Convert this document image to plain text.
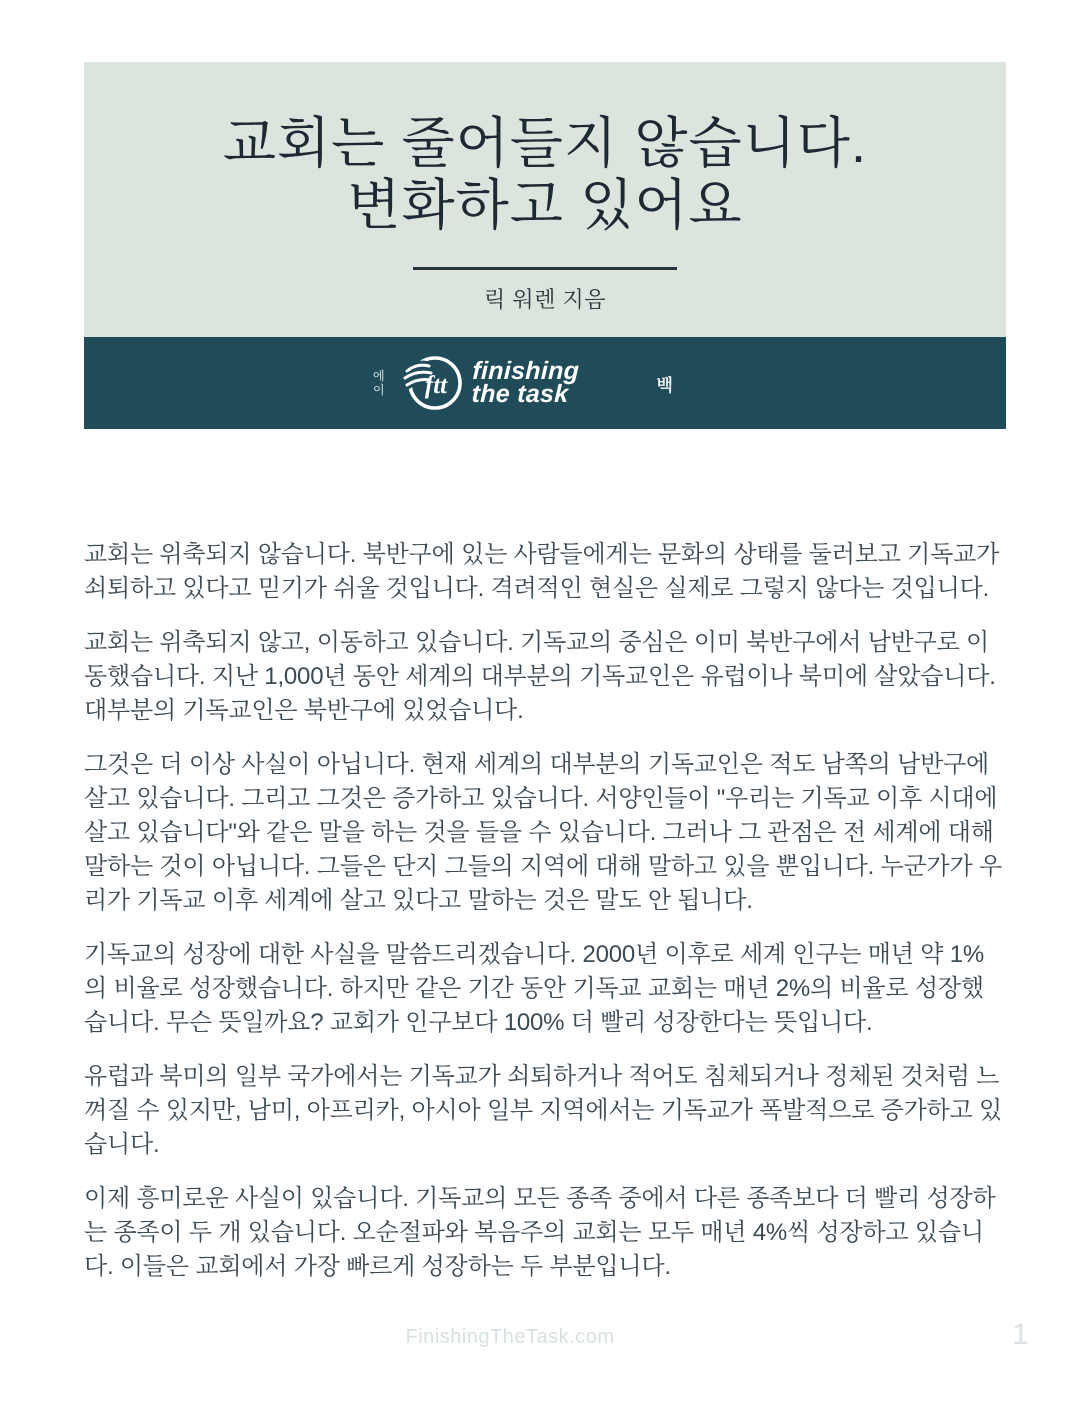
교회는 줄어들지 않습니다.
변화하고 있어요
릭 워렌 지음
에
이 ftt
finishing
the task	백

교회는 위축되지 않습니다. 북반구에 있는 사람들에게는 문화의 상태를 둘러보고 기독교가 쇠퇴하고 있다고 믿기가 쉬울 것입니다. 격려적인 현실은 실제로 그렇지 않다는 것입니다.

교회는 위축되지 않고, 이동하고 있습니다. 기독교의 중심은 이미 북반구에서 남반구로 이동했습니다. 지난 1,000년 동안 세계의 대부분의 기독교인은 유럽이나 북미에 살았습니다. 대부분의 기독교인은 북반구에 있었습니다.

그것은 더 이상 사실이 아닙니다. 현재 세계의 대부분의 기독교인은 적도 남쪽의 남반구에 살고 있습니다. 그리고 그것은 증가하고 있습니다. 서양인들이 "우리는 기독교 이후 시대에 살고 있습니다"와 같은 말을 하는 것을 들을 수 있습니다. 그러나 그 관점은 전 세계에 대해 말하는 것이 아닙니다. 그들은 단지 그들의 지역에 대해 말하고 있을 뿐입니다. 누군가가 우리가 기독교 이후 세계에 살고 있다고 말하는 것은 말도 안 됩니다.

기독교의 성장에 대한 사실을 말씀드리겠습니다. 2000년 이후로 세계 인구는 매년 약 1%의 비율로 성장했습니다. 하지만 같은 기간 동안 기독교 교회는 매년 2%의 비율로 성장했습니다. 무슨 뜻일까요? 교회가 인구보다 100% 더 빨리 성장한다는 뜻입니다.

유럽과 북미의 일부 국가에서는 기독교가 쇠퇴하거나 적어도 침체되거나 정체된 것처럼 느껴질 수 있지만, 남미, 아프리카, 아시아 일부 지역에서는 기독교가 폭발적으로 증가하고 있습니다.

이제 흥미로운 사실이 있습니다. 기독교의 모든 종족 중에서 다른 종족보다 더 빨리 성장하는 종족이 두 개 있습니다. 오순절파와 복음주의 교회는 모두 매년 4%씩 성장하고 있습니다. 이들은 교회에서 가장 빠르게 성장하는 두 부분입니다.

FinishingTheTask.com	1
